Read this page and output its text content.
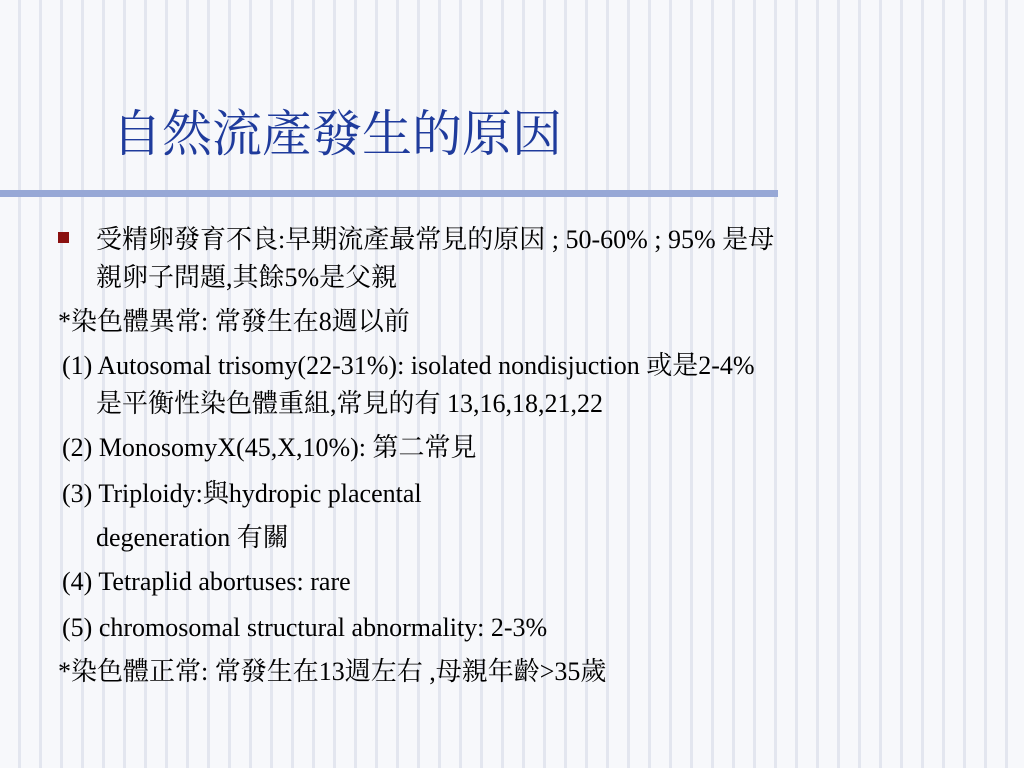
自然流產發生的原因
受精卵發育不良:早期流產最常見的原因 ; 50-60% ; 95% 是母
親卵子問題,其餘5%是父親
*染色體異常: 常發生在8週以前
(1) Autosomal trisomy(22-31%): isolated nondisjuction 或是2-4%
是平衡性染色體重組,常見的有 13,16,18,21,22
(2) MonosomyX(45,X,10%): 第二常見
(3) Triploidy:與hydropic placental
degeneration 有關
(4) Tetraplid abortuses: rare
(5) chromosomal structural abnormality: 2-3%
*染色體正常: 常發生在13週左右 ,母親年齡>35歲
